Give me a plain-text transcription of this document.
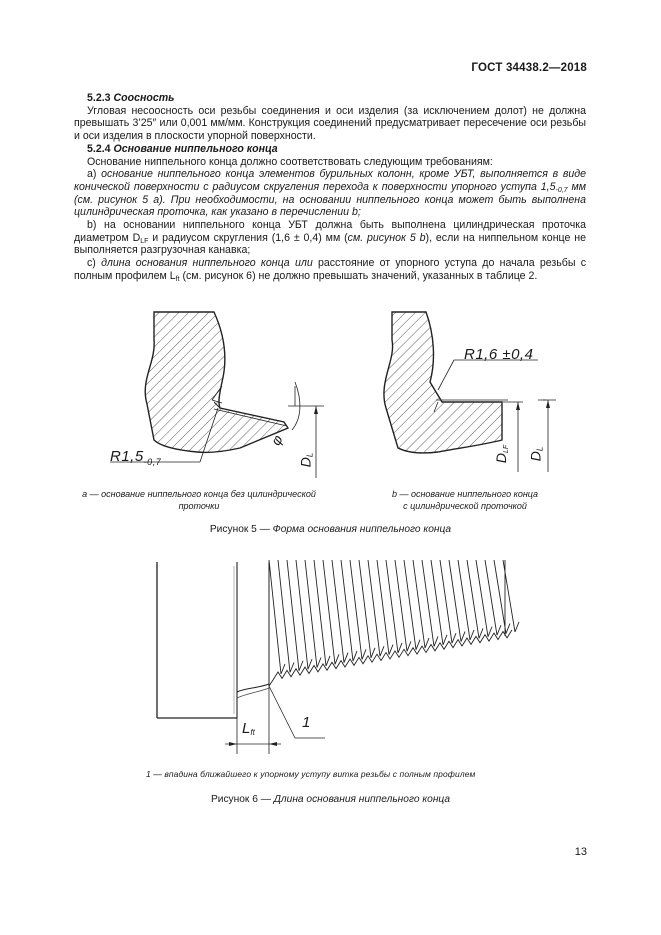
ГОСТ 34438.2—2018

5.2.3 Соосность

Угловая несоосность оси резьбы соединения и оси изделия (за исключением долот) не должна превышать 3’25″ или 0,001 мм/мм. Конструкция соединений предусматривает пересечение оси резьбы и оси изделия в плоскости упорной поверхности.

5.2.4 Основание ниппельного конца

Основание ниппельного конца должно соответствовать следующим требованиям:

a) основание ниппельного конца элементов бурильных колонн, кроме УБТ, выполняется в виде конической поверхности с радиусом скругления перехода к поверхности упорного уступа $1,5_{-0,7}$ мм (см. рисунок 5 a). При необходимости, на основании ниппельного конца может быть выполнена цилиндрическая проточка, как указано в перечислении b;

b) на основании ниппельного конца УБТ должна быть выполнена цилиндрическая проточка диаметром $D_{LF}$ и радиусом скругления (1,6 ± 0,4) мм (см. рисунок 5 b), если на ниппельном конце не выполняется разгрузочная канавка;

c) длина основания ниппельного конца или расстояние от упорного уступа до начала резьбы с полным профилем $L_{ft}$ (см. рисунок 6) не должно превышать значений, указанных в таблице 2.

$R1,5_{-0,7}$
φ
$D_L$
R1,6 ±0,4
$D_{LF}$
$D_L$
a — основание ниппельного конца без цилиндрической
проточки
b — основание ниппельного конца
с цилиндрической проточкой
Рисунок 5 — Форма основания ниппельного конца
$L_{ft}$
1
1 — впадина ближайшего к упорному уступу витка резьбы с полным профилем
Рисунок 6 — Длина основания ниппельного конца
13
